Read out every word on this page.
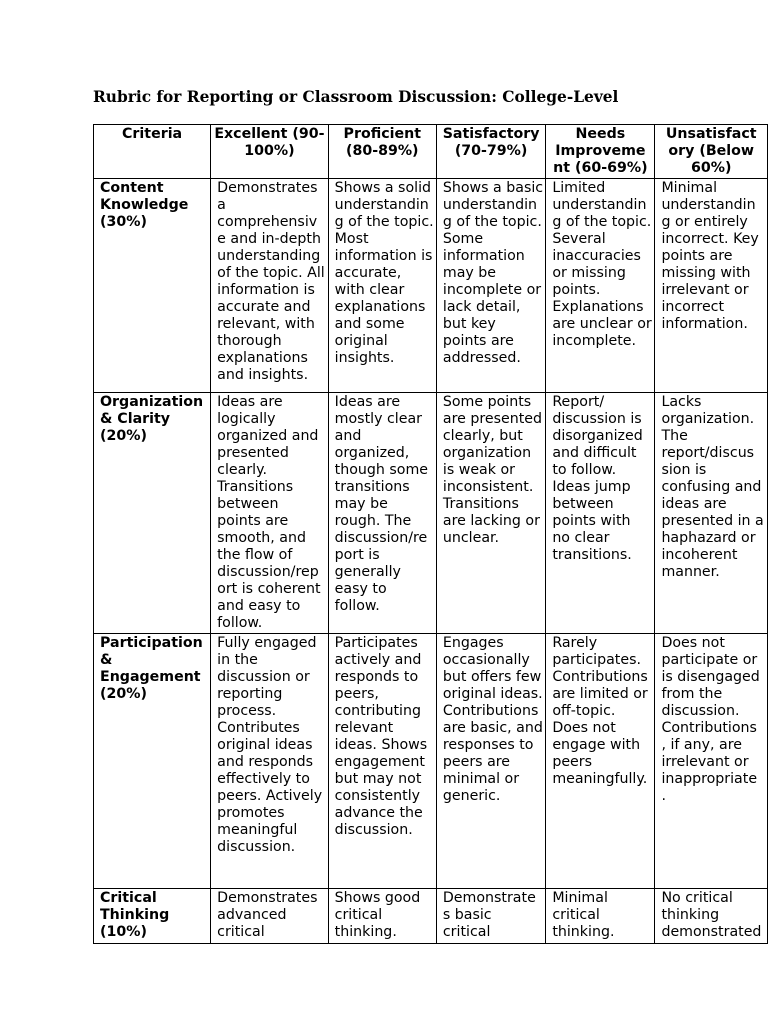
Rubric for Reporting or Classroom Discussion: College-Level
Criteria	Excellent (90-100%)	Proficient (80-89%)	Satisfactory (70-79%)	Needs Improveme nt (60-69%)	Unsatisfact ory (Below 60%)
Content Knowledge (30%)	Demonstrates a comprehensiv e and in-depth understanding of the topic. All information is accurate and relevant, with thorough explanations and insights.	Shows a solid understandin g of the topic. Most information is accurate, with clear explanations and some original insights.	Shows a basic understandin g of the topic. Some information may be incomplete or lack detail, but key points are addressed.	Limited understandin g of the topic. Several inaccuracies or missing points. Explanations are unclear or incomplete.	Minimal understandin g or entirely incorrect. Key points are missing with irrelevant or incorrect information.
Organization & Clarity (20%)	Ideas are logically organized and presented clearly. Transitions between points are smooth, and the flow of discussion/rep ort is coherent and easy to follow.	Ideas are mostly clear and organized, though some transitions may be rough. The discussion/re port is generally easy to follow.	Some points are presented clearly, but organization is weak or inconsistent. Transitions are lacking or unclear.	Report/ discussion is disorganized and difficult to follow. Ideas jump between points with no clear transitions.	Lacks organization. The report/discus sion is confusing and ideas are presented in a haphazard or incoherent manner.
Participation & Engagement (20%)	Fully engaged in the discussion or reporting process. Contributes original ideas and responds effectively to peers. Actively promotes meaningful discussion.	Participates actively and responds to peers, contributing relevant ideas. Shows engagement but may not consistently advance the discussion.	Engages occasionally but offers few original ideas. Contributions are basic, and responses to peers are minimal or generic.	Rarely participates. Contributions are limited or off-topic. Does not engage with peers meaningfully.	Does not participate or is disengaged from the discussion. Contributions , if any, are irrelevant or inappropriate .

Critical Thinking (10%)	Demonstrates advanced critical	Shows good critical thinking.	Demonstrate s basic critical	Minimal critical thinking.	No critical thinking demonstrated
